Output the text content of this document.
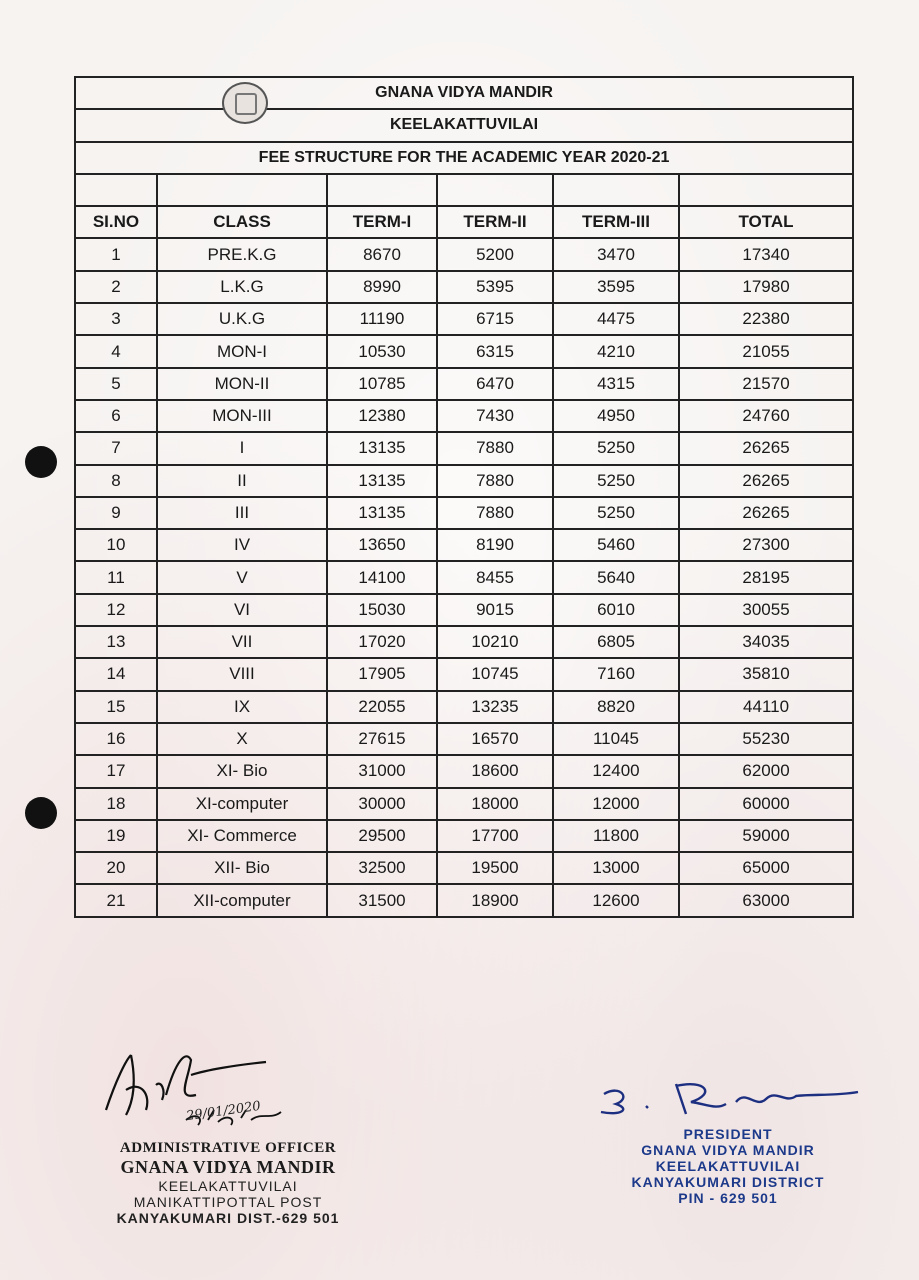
GNANA VIDYA MANDIR					
KEELAKATTUVILAI					
FEE STRUCTURE FOR THE ACADEMIC YEAR 2020-21					

SI.NO	CLASS	TERM-I	TERM-II	TERM-III	TOTAL
1	PRE.K.G	8670	5200	3470	17340
2	L.K.G	8990	5395	3595	17980
3	U.K.G	11190	6715	4475	22380
4	MON-I	10530	6315	4210	21055
5	MON-II	10785	6470	4315	21570
6	MON-III	12380	7430	4950	24760
7	I	13135	7880	5250	26265
8	II	13135	7880	5250	26265
9	III	13135	7880	5250	26265
10	IV	13650	8190	5460	27300
11	V	14100	8455	5640	28195
12	VI	15030	9015	6010	30055
13	VII	17020	10210	6805	34035
14	VIII	17905	10745	7160	35810
15	IX	22055	13235	8820	44110
16	X	27615	16570	11045	55230
17	XI- Bio	31000	18600	12400	62000
18	XI-computer	30000	18000	12000	60000
19	XI- Commerce	29500	17700	11800	59000
20	XII- Bio	32500	19500	13000	65000
21	XII-computer	31500	18900	12600	63000
ADMINISTRATIVE OFFICER
GNANA VIDYA MANDIR
KEELAKATTUVILAI
MANIKATTIPOTTAL POST
KANYAKUMARI DIST.-629 501
PRESIDENT
GNANA VIDYA MANDIR
KEELAKATTUVILAI
KANYAKUMARI DISTRICT
PIN - 629 501
29/01/2020
